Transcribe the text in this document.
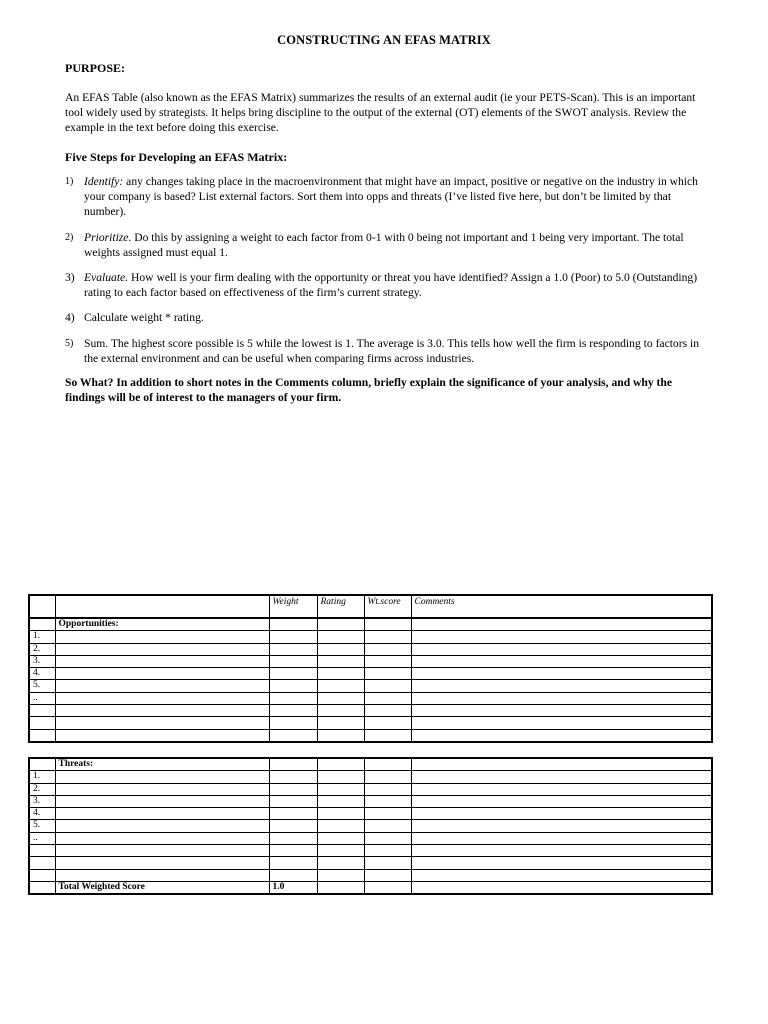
CONSTRUCTING AN EFAS MATRIX
PURPOSE:
An EFAS Table (also known as the EFAS Matrix) summarizes the results of an external audit (ie your PETS-Scan). This is an important tool widely used by strategists. It helps bring discipline to the output of the external (OT) elements of the SWOT analysis. Review the example in the text before doing this exercise.
Five Steps for Developing an EFAS Matrix:
1) Identify: any changes taking place in the macroenvironment that might have an impact, positive or negative on the industry in which your company is based? List external factors. Sort them into opps and threats (I’ve listed five here, but don’t be limited by that number).
2) Prioritize. Do this by assigning a weight to each factor from 0-1 with 0 being not important and 1 being very important. The total weights assigned must equal 1.
3) Evaluate. How well is your firm dealing with the opportunity or threat you have identified? Assign a 1.0 (Poor) to 5.0 (Outstanding) rating to each factor based on effectiveness of the firm’s current strategy.
4) Calculate weight * rating.
5) Sum. The highest score possible is 5 while the lowest is 1. The average is 3.0. This tells how well the firm is responding to factors in the external environment and can be useful when comparing firms across industries.
So What? In addition to short notes in the Comments column, briefly explain the significance of your analysis, and why the findings will be of interest to the managers of your firm.
		Weight	Rating	Wt.score	Comments
	Opportunities:				
1.					
2.					
3.					
4.					
5.					
..					

	Threats:				
1.					
2.					
3.					
4.					
5.					
..					

	Total Weighted Score	1.0			
